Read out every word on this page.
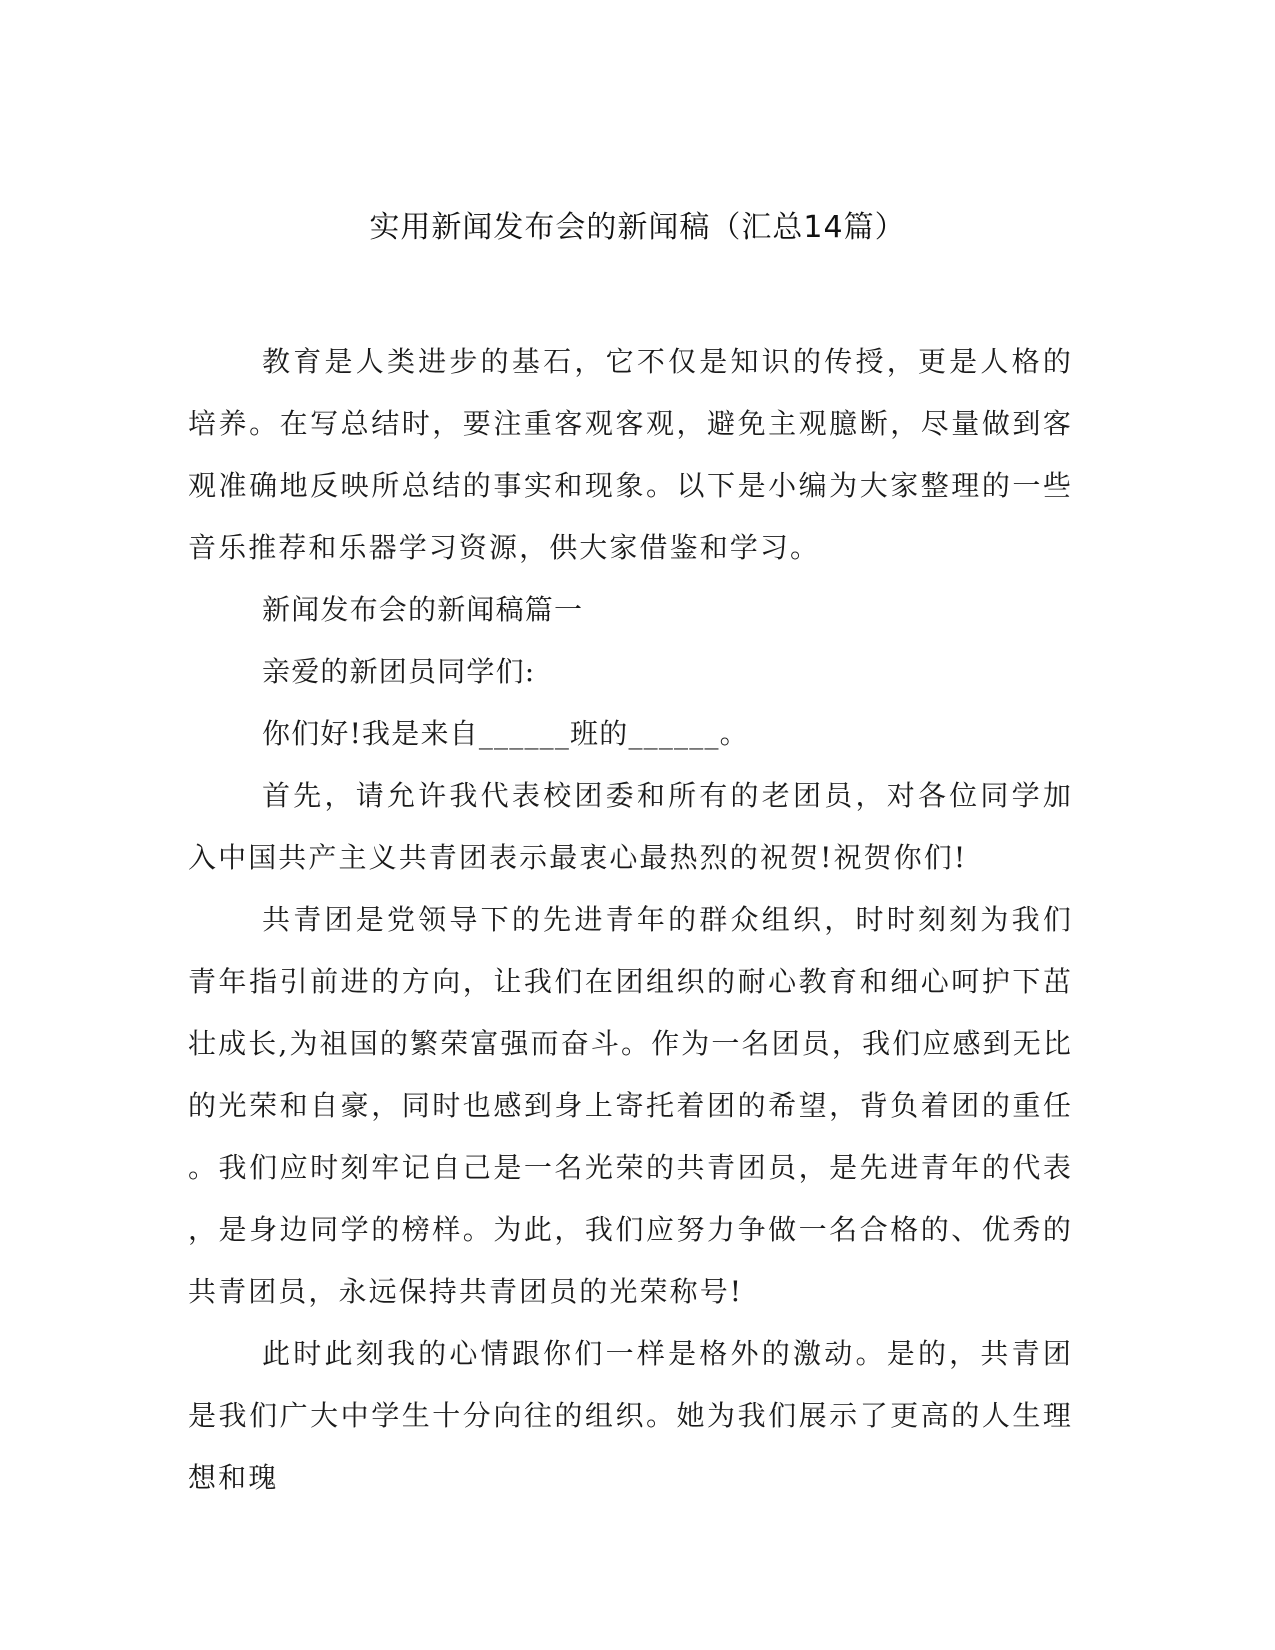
实用新闻发布会的新闻稿（汇总14篇）

教育是人类进步的基石，它不仅是知识的传授，更是人格的培养。在写总结时，要注重客观客观，避免主观臆断，尽量做到客观准确地反映所总结的事实和现象。以下是小编为大家整理的一些音乐推荐和乐器学习资源，供大家借鉴和学习。

新闻发布会的新闻稿篇一

亲爱的新团员同学们:

你们好!我是来自______班的______。

首先，请允许我代表校团委和所有的老团员，对各位同学加入中国共产主义共青团表示最衷心最热烈的祝贺!祝贺你们!

共青团是党领导下的先进青年的群众组织，时时刻刻为我们青年指引前进的方向，让我们在团组织的耐心教育和细心呵护下茁壮成长,为祖国的繁荣富强而奋斗。作为一名团员，我们应感到无比的光荣和自豪，同时也感到身上寄托着团的希望，背负着团的重任。我们应时刻牢记自己是一名光荣的共青团员，是先进青年的代表，是身边同学的榜样。为此，我们应努力争做一名合格的、优秀的共青团员，永远保持共青团员的光荣称号!

此时此刻我的心情跟你们一样是格外的激动。是的，共青团是我们广大中学生十分向往的组织。她为我们展示了更高的人生理想和瑰
